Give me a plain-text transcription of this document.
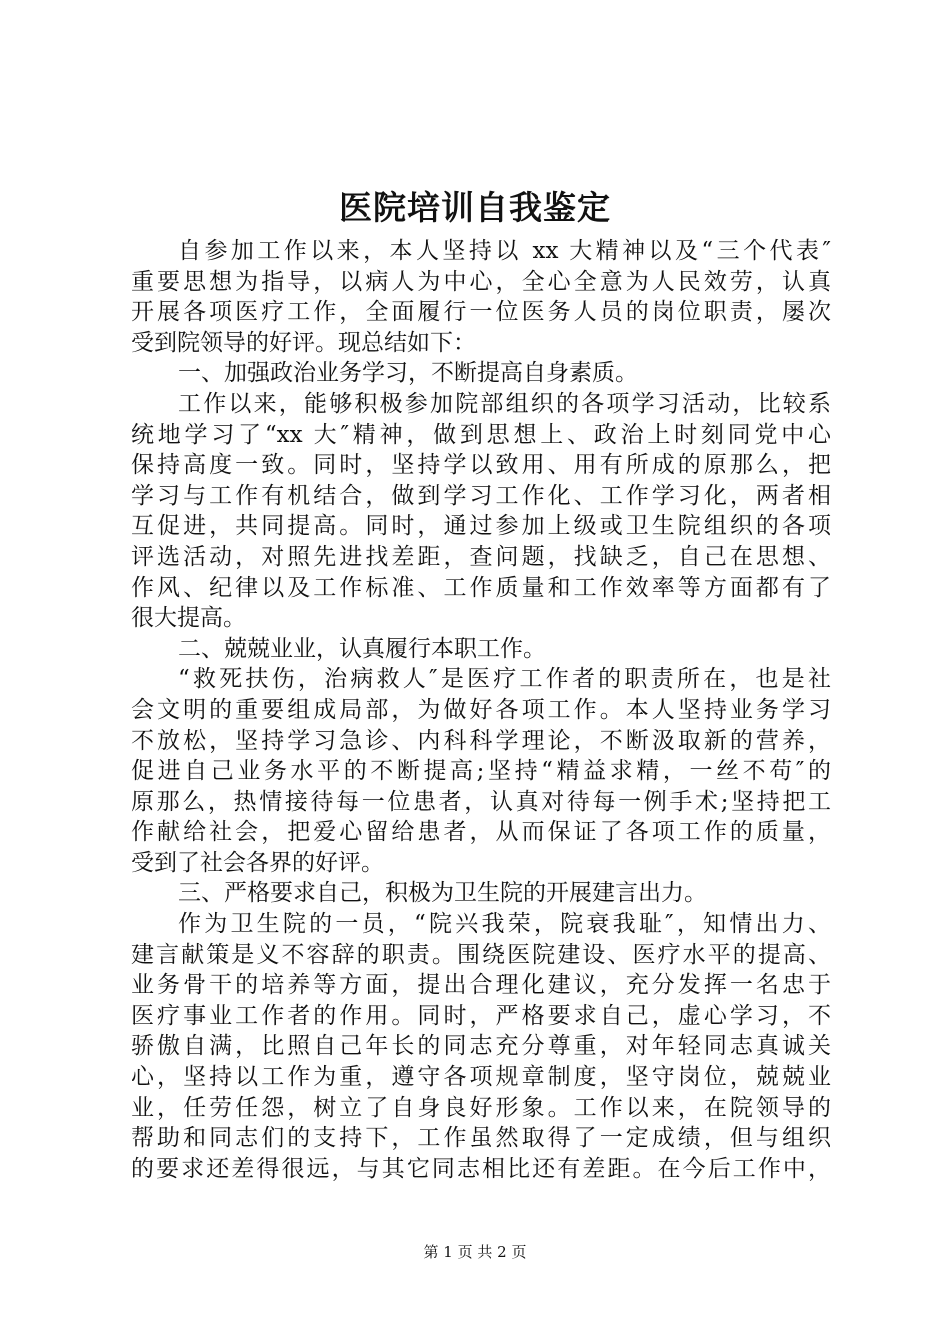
医院培训自我鉴定
自参加工作以来，本人坚持以 xx 大精神以及“三个代表″
重要思想为指导，以病人为中心，全心全意为人民效劳，认真
开展各项医疗工作，全面履行一位医务人员的岗位职责，屡次
受到院领导的好评。现总结如下：
一、加强政治业务学习，不断提高自身素质。
工作以来，能够积极参加院部组织的各项学习活动，比较系
统地学习了“xx 大″精神，做到思想上、政治上时刻同党中心
保持高度一致。同时，坚持学以致用、用有所成的原那么，把
学习与工作有机结合，做到学习工作化、工作学习化，两者相
互促进，共同提高。同时，通过参加上级或卫生院组织的各项
评选活动，对照先进找差距，查问题，找缺乏，自己在思想、
作风、纪律以及工作标准、工作质量和工作效率等方面都有了
很大提高。
二、兢兢业业，认真履行本职工作。
“救死扶伤，治病救人″是医疗工作者的职责所在，也是社
会文明的重要组成局部，为做好各项工作。本人坚持业务学习
不放松，坚持学习急诊、内科科学理论，不断汲取新的营养，
促进自己业务水平的不断提高;坚持“精益求精，一丝不苟″的
原那么，热情接待每一位患者，认真对待每一例手术;坚持把工
作献给社会，把爱心留给患者，从而保证了各项工作的质量，
受到了社会各界的好评。
三、严格要求自己，积极为卫生院的开展建言出力。
作为卫生院的一员，“院兴我荣，院衰我耻″，知情出力、
建言献策是义不容辞的职责。围绕医院建设、医疗水平的提高、
业务骨干的培养等方面，提出合理化建议，充分发挥一名忠于
医疗事业工作者的作用。同时，严格要求自己，虚心学习，不
骄傲自满，比照自己年长的同志充分尊重，对年轻同志真诚关
心，坚持以工作为重，遵守各项规章制度，坚守岗位，兢兢业
业，任劳任怨，树立了自身良好形象。工作以来，在院领导的
帮助和同志们的支持下，工作虽然取得了一定成绩，但与组织
的要求还差得很远，与其它同志相比还有差距。在今后工作中，
第 1 页 共 2 页
